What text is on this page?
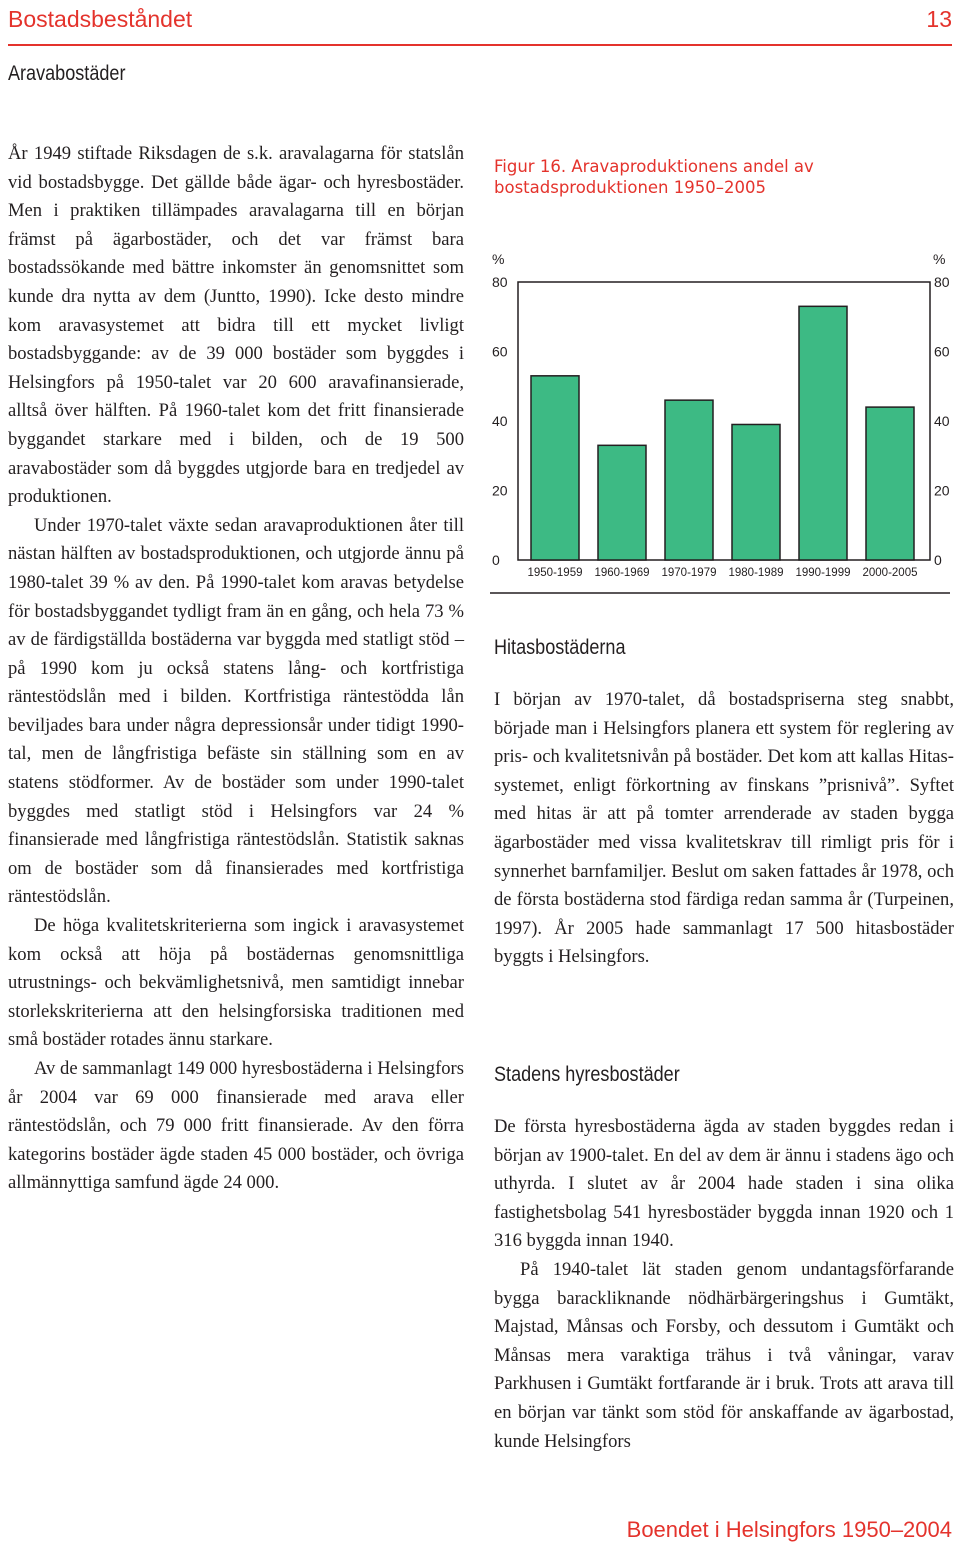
Bostadsbeståndet	13
Aravabostäder

År 1949 stiftade Riksdagen de s.k. aravalagarna för statslån vid bostadsbygge. Det gällde både ägar- och hyresbostäder. Men i praktiken tillämpades aravalagarna till en början främst på ägarbostäder, och det var främst bara bostadssökande med bättre inkomster än genomsnittet som kunde dra nytta av dem (Juntto, 1990). Icke desto mindre kom aravasystemet att bidra till ett mycket livligt bostadsbyggande: av de 39 000 bostäder som byggdes i Helsingfors på 1950-talet var 20 600 aravafinansierade, alltså över hälften. På 1960-talet kom det fritt finansierade byggandet starkare med i bilden, och de 19 500 aravabostäder som då byggdes utgjorde bara en tredjedel av produktionen.

Under 1970-talet växte sedan aravaproduktionen åter till nästan hälften av bostadsproduktionen, och utgjorde ännu på 1980-talet 39 % av den. På 1990-talet kom aravas betydelse för bostadsbyggandet tydligt fram än en gång, och hela 73 % av de färdigställda bostäderna var byggda med statligt stöd – på 1990 kom ju också statens lång- och kortfristiga räntestödslån med i bilden. Kortfristiga räntestödda lån beviljades bara under några depressionsår under tidigt 1990-tal, men de långfristiga befäste sin ställning som en av statens stödformer. Av de bostäder som under 1990-talet byggdes med statligt stöd i Helsingfors var 24 % finansierade med långfristiga räntestödslån. Statistik saknas om de bostäder som då finansierades med kortfristiga räntestödslån.

De höga kvalitetskriterierna som ingick i aravasystemet kom också att höja på bostädernas genomsnittliga utrustnings- och bekvämlighetsnivå, men samtidigt innebar storlekskriterierna att den helsingforsiska traditionen med små bostäder rotades ännu starkare.

Av de sammanlagt 149 000 hyresbostäderna i Helsingfors år 2004 var 69 000 finansierade med arava eller räntestödslån, och 79 000 fritt finansierade. Av den förra kategorins bostäder ägde staden 45 000 bostäder, och övriga allmännyttiga samfund ägde 24 000.

Figur 16. Aravaproduktionens andel av
bostadsproduktionen 1950–2005
%	%
0
20
40
60
80
0
20
40
60
80
1950-1959 1960-1969 1970-1979 1980-1989 1990-1999 2000-2005
Hitasbostäderna

I början av 1970-talet, då bostadspriserna steg snabbt, började man i Helsingfors planera ett system för reglering av pris- och kvalitetsnivån på bostäder. Det kom att kallas Hitas-systemet, enligt förkortning av finskans ”prisnivå”. Syftet med hitas är att på tomter arrenderade av staden bygga ägarbostäder med vissa kvalitetskrav till rimligt pris för i synnerhet barnfamiljer. Beslut om saken fattades år 1978, och de första bostäderna stod färdiga redan samma år (Turpeinen, 1997). År 2005 hade sammanlagt 17 500 hitasbostäder byggts i Helsingfors.

Stadens hyresbostäder

De första hyresbostäderna ägda av staden byggdes redan i början av 1900-talet. En del av dem är ännu i stadens ägo och uthyrda. I slutet av år 2004 hade staden i sina olika fastighetsbolag 541 hyresbostäder byggda innan 1920 och 1 316 byggda innan 1940.

På 1940-talet lät staden genom undantagsförfarande bygga barackliknande nödhärbärgeringshus i Gumtäkt, Majstad, Månsas och Forsby, och dessutom i Gumtäkt och Månsas mera varaktiga trähus i två våningar, varav Parkhusen i Gumtäkt fortfarande är i bruk. Trots att arava till en början var tänkt som stöd för anskaffande av ägarbostad, kunde Helsingfors

Boendet i Helsingfors 1950–2004
